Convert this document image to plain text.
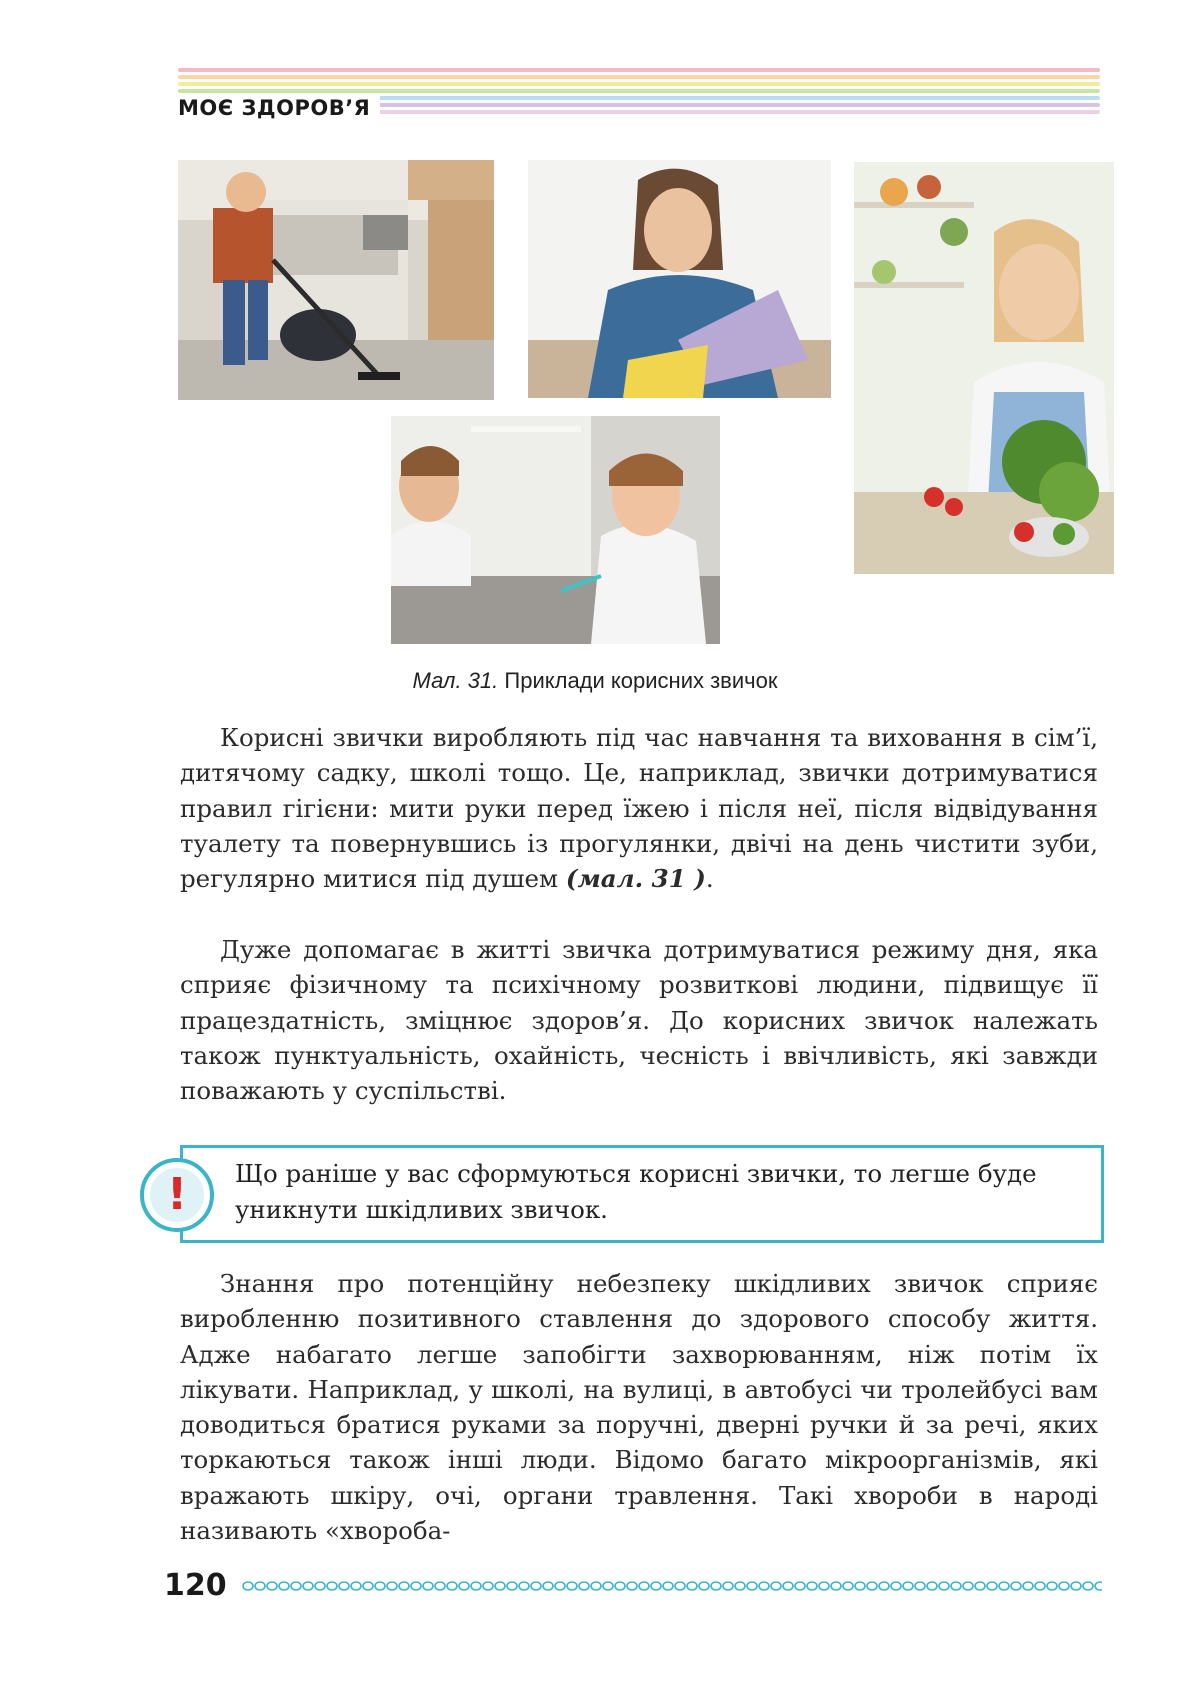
МОЄ ЗДОРОВ’Я
Мал. 31. Приклади корисних звичок

Корисні звички виробляють під час навчання та виховання в сім’ї, дитячому садку, школі тощо. Це, наприклад, звички дотримуватися правил гігієни: мити руки перед їжею і після неї, після відвідування туалету та повернувшись із прогулянки, двічі на день чистити зуби, регулярно митися під душем (мал. 31 ).

Дуже допомагає в житті звичка дотримуватися режиму дня, яка сприяє фізичному та психічному розвиткові людини, підвищує її працездатність, зміцнює здоров’я. До корисних звичок належать також пунктуальність, охайність, чесність і ввічливість, які завжди поважають у суспільстві.

Що раніше у вас сформуються корисні звички, то легше буде уникнути шкідливих звичок.
!

Знання про потенційну небезпеку шкідливих звичок сприяє виробленню позитивного ставлення до здорового способу життя. Адже набагато легше запобігти захворюванням, ніж потім їх лікувати. Наприклад, у школі, на вулиці, в автобусі чи тролейбусі вам доводиться братися руками за поручні, дверні ручки й за речі, яких торкаються також інші люди. Відомо багато мікроорганізмів, які вражають шкіру, очі, органи травлення. Такі хвороби в народі називають «хвороба-

120
